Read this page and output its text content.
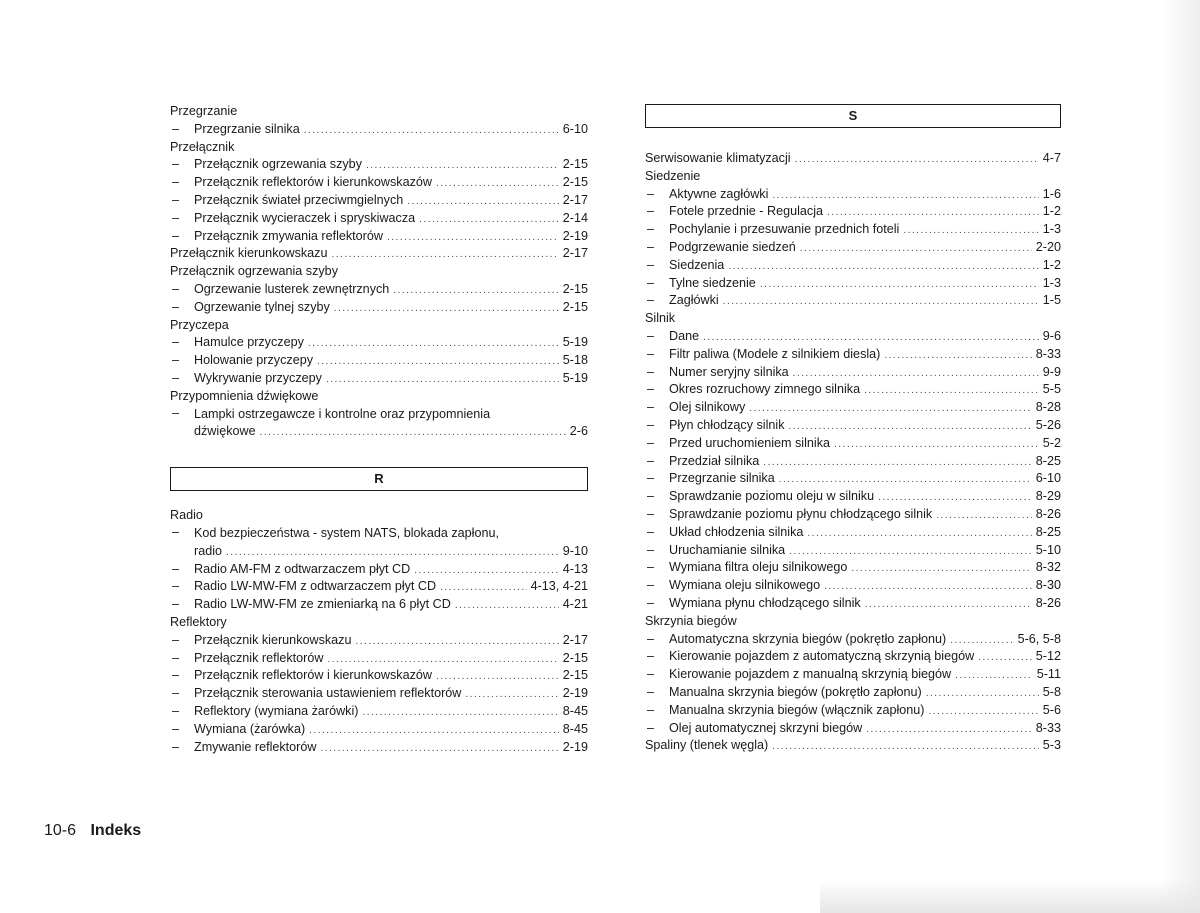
Przegrzanie
– Przegrzanie silnika .....	6-10
Przełącznik
– Przełącznik ogrzewania szyby .....	2-15
– Przełącznik reflektorów i kierunkowskazów .....	2-15
– Przełącznik świateł przeciwmgielnych .....	2-17
– Przełącznik wycieraczek i spryskiwacza .....	2-14
– Przełącznik zmywania reflektorów .....	2-19
Przełącznik kierunkowskazu .....	2-17
Przełącznik ogrzewania szyby
– Ogrzewanie lusterek zewnętrznych .....	2-15
– Ogrzewanie tylnej szyby .....	2-15
Przyczepa
– Hamulce przyczepy .....	5-19
– Holowanie przyczepy .....	5-18
– Wykrywanie przyczepy .....	5-19
Przypomnienia dźwiękowe
– Lampki ostrzegawcze i kontrolne oraz przypomnienia
dźwiękowe .....	2-6
R
Radio
– Kod bezpieczeństwa - system NATS, blokada zapłonu,
radio .....	9-10
– Radio AM-FM z odtwarzaczem płyt CD .....	4-13
– Radio LW-MW-FM z odtwarzaczem płyt CD .....	4-13, 4-21
– Radio LW-MW-FM ze zmieniarką na 6 płyt CD .....	4-21
Reflektory
– Przełącznik kierunkowskazu .....	2-17
– Przełącznik reflektorów .....	2-15
– Przełącznik reflektorów i kierunkowskazów .....	2-15
– Przełącznik sterowania ustawieniem reflektorów .....	2-19
– Reflektory (wymiana żarówki) .....	8-45
– Wymiana (żarówka) .....	8-45
– Zmywanie reflektorów .....	2-19
S
Serwisowanie klimatyzacji .....	4-7
Siedzenie
– Aktywne zagłówki .....	1-6
– Fotele przednie - Regulacja .....	1-2
– Pochylanie i przesuwanie przednich foteli .....	1-3
– Podgrzewanie siedzeń .....	2-20
– Siedzenia .....	1-2
– Tylne siedzenie .....	1-3
– Zagłówki .....	1-5
Silnik
– Dane .....	9-6
– Filtr paliwa (Modele z silnikiem diesla) .....	8-33
– Numer seryjny silnika .....	9-9
– Okres rozruchowy zimnego silnika .....	5-5
– Olej silnikowy .....	8-28
– Płyn chłodzący silnik .....	5-26
– Przed uruchomieniem silnika .....	5-2
– Przedział silnika .....	8-25
– Przegrzanie silnika .....	6-10
– Sprawdzanie poziomu oleju w silniku .....	8-29
– Sprawdzanie poziomu płynu chłodzącego silnik .....	8-26
– Układ chłodzenia silnika .....	8-25
– Uruchamianie silnika .....	5-10
– Wymiana filtra oleju silnikowego .....	8-32
– Wymiana oleju silnikowego .....	8-30
– Wymiana płynu chłodzącego silnik .....	8-26
Skrzynia biegów
– Automatyczna skrzynia biegów (pokrętło zapłonu) .....	5-6, 5-8
– Kierowanie pojazdem z automatyczną skrzynią biegów .....	5-12
– Kierowanie pojazdem z manualną skrzynią biegów .....	5-11
– Manualna skrzynia biegów (pokrętło zapłonu) .....	5-8
– Manualna skrzynia biegów (włącznik zapłonu) .....	5-6
– Olej automatycznej skrzyni biegów .....	8-33
Spaliny (tlenek węgla) .....	5-3
10-6 Indeks
